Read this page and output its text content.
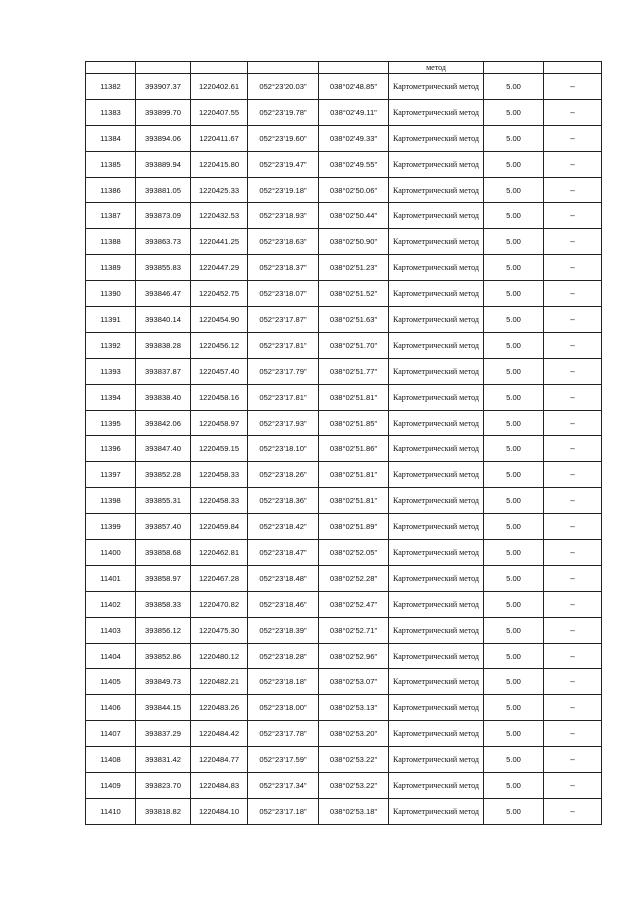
					метод		
11382	393907.37	1220402.61	052°23'20.03"	038°02'48.85"	Картометрический метод	5.00	–
11383	393899.70	1220407.55	052°23'19.78"	038°02'49.11"	Картометрический метод	5.00	–
11384	393894.06	1220411.67	052°23'19.60"	038°02'49.33"	Картометрический метод	5.00	–
11385	393889.94	1220415.80	052°23'19.47"	038°02'49.55"	Картометрический метод	5.00	–
11386	393881.05	1220425.33	052°23'19.18"	038°02'50.06"	Картометрический метод	5.00	–
11387	393873.09	1220432.53	052°23'18.93"	038°02'50.44"	Картометрический метод	5.00	–
11388	393863.73	1220441.25	052°23'18.63"	038°02'50.90"	Картометрический метод	5.00	–
11389	393855.83	1220447.29	052°23'18.37"	038°02'51.23"	Картометрический метод	5.00	–
11390	393846.47	1220452.75	052°23'18.07"	038°02'51.52"	Картометрический метод	5.00	–
11391	393840.14	1220454.90	052°23'17.87"	038°02'51.63"	Картометрический метод	5.00	–
11392	393838.28	1220456.12	052°23'17.81"	038°02'51.70"	Картометрический метод	5.00	–
11393	393837.87	1220457.40	052°23'17.79"	038°02'51.77"	Картометрический метод	5.00	–
11394	393838.40	1220458.16	052°23'17.81"	038°02'51.81"	Картометрический метод	5.00	–
11395	393842.06	1220458.97	052°23'17.93"	038°02'51.85"	Картометрический метод	5.00	–
11396	393847.40	1220459.15	052°23'18.10"	038°02'51.86"	Картометрический метод	5.00	–
11397	393852.28	1220458.33	052°23'18.26"	038°02'51.81"	Картометрический метод	5.00	–
11398	393855.31	1220458.33	052°23'18.36"	038°02'51.81"	Картометрический метод	5.00	–
11399	393857.40	1220459.84	052°23'18.42"	038°02'51.89"	Картометрический метод	5.00	–
11400	393858.68	1220462.81	052°23'18.47"	038°02'52.05"	Картометрический метод	5.00	–
11401	393858.97	1220467.28	052°23'18.48"	038°02'52.28"	Картометрический метод	5.00	–
11402	393858.33	1220470.82	052°23'18.46"	038°02'52.47"	Картометрический метод	5.00	–
11403	393856.12	1220475.30	052°23'18.39"	038°02'52.71"	Картометрический метод	5.00	–
11404	393852.86	1220480.12	052°23'18.28"	038°02'52.96"	Картометрический метод	5.00	–
11405	393849.73	1220482.21	052°23'18.18"	038°02'53.07"	Картометрический метод	5.00	–
11406	393844.15	1220483.26	052°23'18.00"	038°02'53.13"	Картометрический метод	5.00	–
11407	393837.29	1220484.42	052°23'17.78"	038°02'53.20"	Картометрический метод	5.00	–
11408	393831.42	1220484.77	052°23'17.59"	038°02'53.22"	Картометрический метод	5.00	–
11409	393823.70	1220484.83	052°23'17.34"	038°02'53.22"	Картометрический метод	5.00	–
11410	393818.82	1220484.10	052°23'17.18"	038°02'53.18"	Картометрический метод	5.00	–
